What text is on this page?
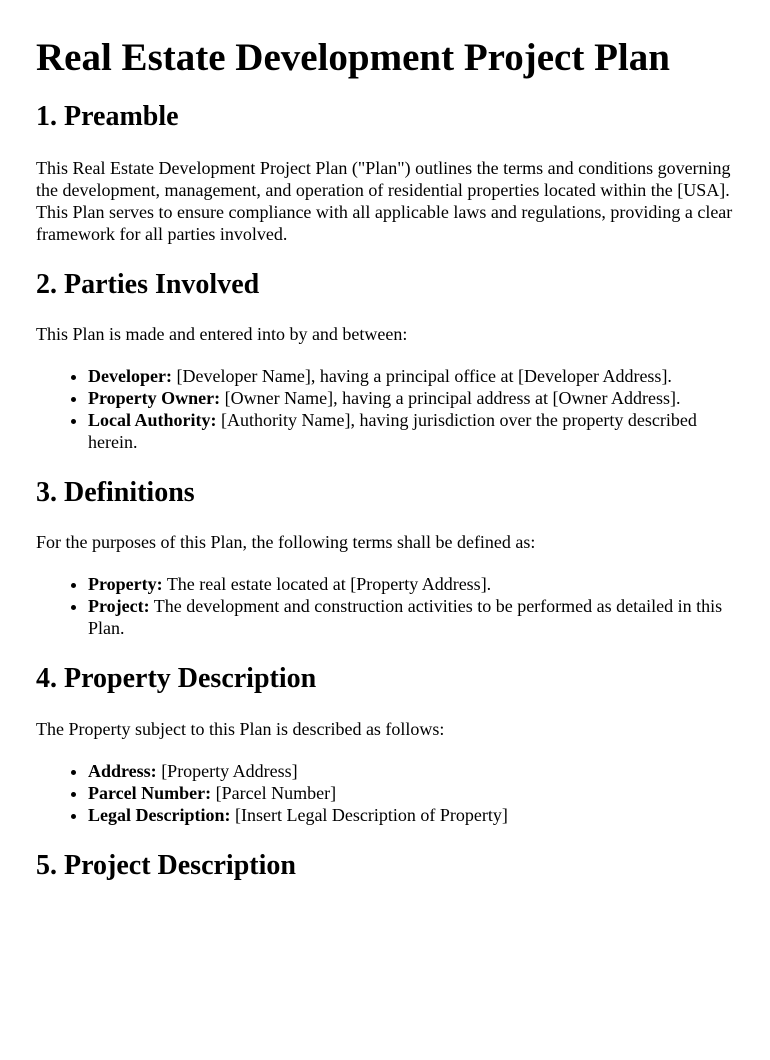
Real Estate Development Project Plan
1. Preamble

This Real Estate Development Project Plan ("Plan") outlines the terms and conditions governing the development, management, and operation of residential properties located within the [USA]. This Plan serves to ensure compliance with all applicable laws and regulations, providing a clear framework for all parties involved.

2. Parties Involved

This Plan is made and entered into by and between:

• Developer: [Developer Name], having a principal office at [Developer Address].
• Property Owner: [Owner Name], having a principal address at [Owner Address].
• Local Authority: [Authority Name], having jurisdiction over the property described herein.
3. Definitions

For the purposes of this Plan, the following terms shall be defined as:

• Property: The real estate located at [Property Address].
• Project: The development and construction activities to be performed as detailed in this Plan.
4. Property Description

The Property subject to this Plan is described as follows:

• Address: [Property Address]
• Parcel Number: [Parcel Number]
• Legal Description: [Insert Legal Description of Property]
5. Project Description
